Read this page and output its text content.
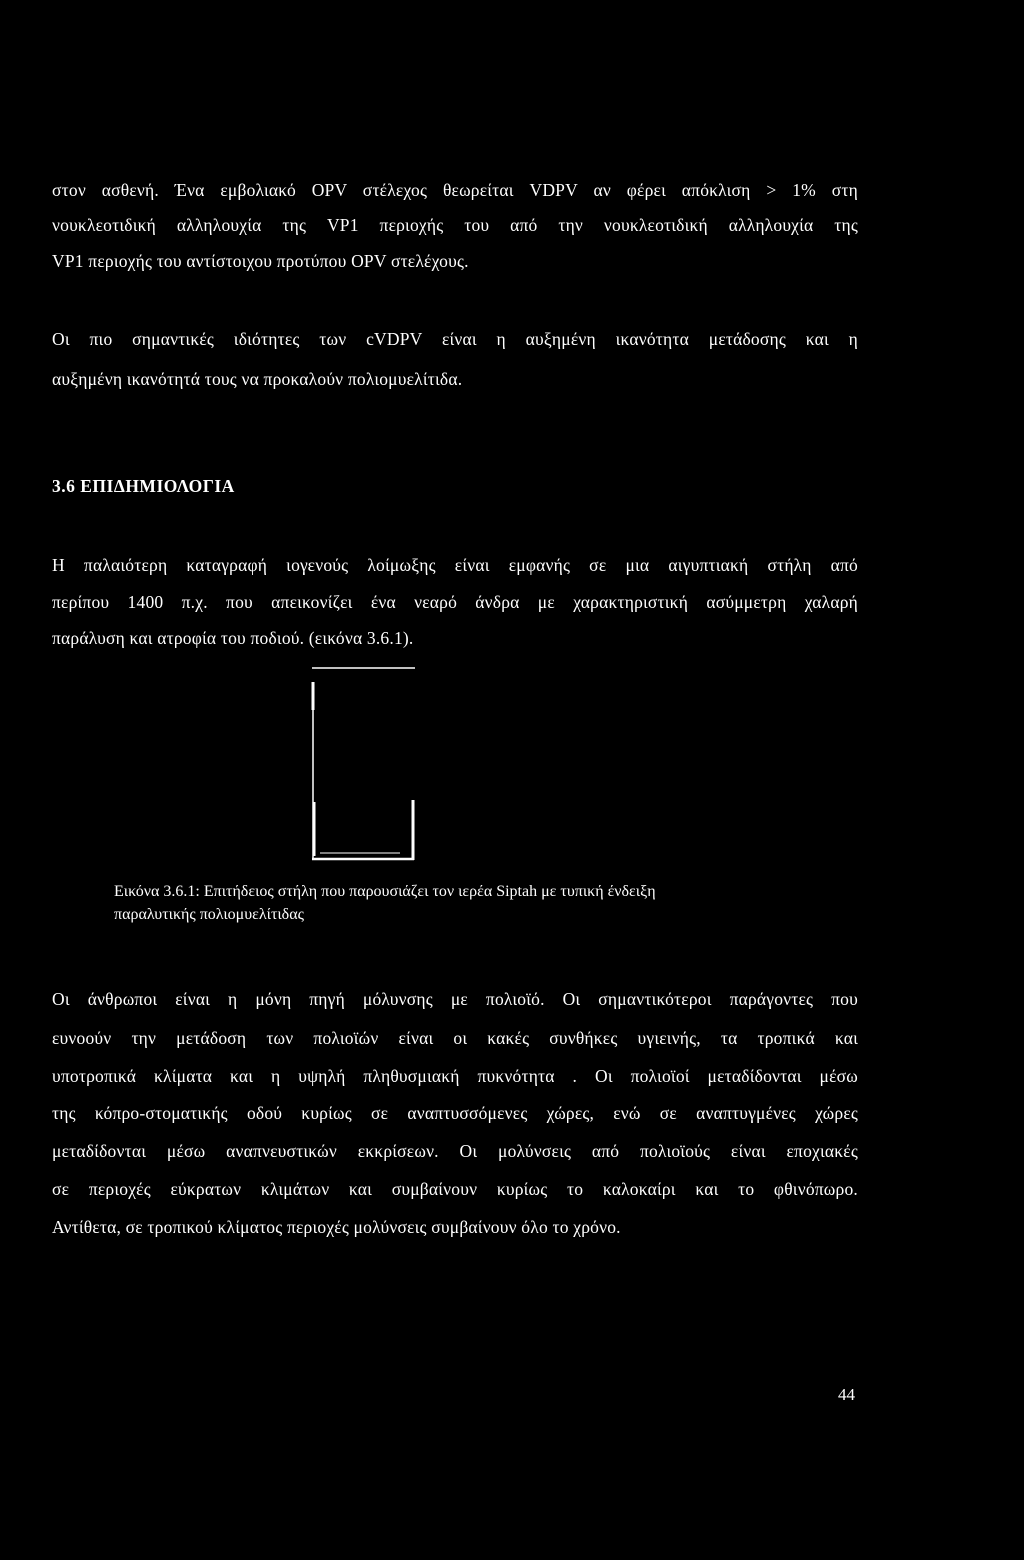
στον ασθενή. Ένα εμβολιακό OPV στέλεχος θεωρείται VDPV αν φέρει απόκλιση > 1% στη
νουκλεοτιδική αλληλουχία της VP1 περιοχής του από την νουκλεοτιδική αλληλουχία της
VP1 περιοχής του αντίστοιχου προτύπου OPV στελέχους.
Οι πιο σημαντικές ιδιότητες των cVDPV είναι η αυξημένη ικανότητα μετάδοσης και η
αυξημένη ικανότητά τους να προκαλούν πολιομυελίτιδα.
3.6 ΕΠΙΔΗΜΙΟΛΟΓΙΑ
Η παλαιότερη καταγραφή ιογενούς λοίμωξης είναι εμφανής σε μια αιγυπτιακή στήλη από
περίπου 1400 π.χ. που απεικονίζει ένα νεαρό άνδρα με χαρακτηριστική ασύμμετρη χαλαρή
παράλυση και ατροφία του ποδιού. (εικόνα 3.6.1).
Εικόνα 3.6.1: Επιτήδειος στήλη που παρουσιάζει τον ιερέα Siptah με τυπική ένδειξη
παραλυτικής πολιομυελίτιδας
Οι άνθρωποι είναι η μόνη πηγή μόλυνσης με πολιοϊό. Οι σημαντικότεροι παράγοντες που
ευνοούν την μετάδοση των πολιοϊών είναι οι κακές συνθήκες υγιεινής, τα τροπικά και
υποτροπικά κλίματα και η υψηλή πληθυσμιακή πυκνότητα . Οι πολιοϊοί μεταδίδονται μέσω
της κόπρο-στοματικής οδού κυρίως σε αναπτυσσόμενες χώρες, ενώ σε αναπτυγμένες χώρες
μεταδίδονται μέσω αναπνευστικών εκκρίσεων. Οι μολύνσεις από πολιοϊούς είναι εποχιακές
σε περιοχές εύκρατων κλιμάτων και συμβαίνουν κυρίως το καλοκαίρι και το φθινόπωρο.
Αντίθετα, σε τροπικού κλίματος περιοχές μολύνσεις συμβαίνουν όλο το χρόνο.
44
